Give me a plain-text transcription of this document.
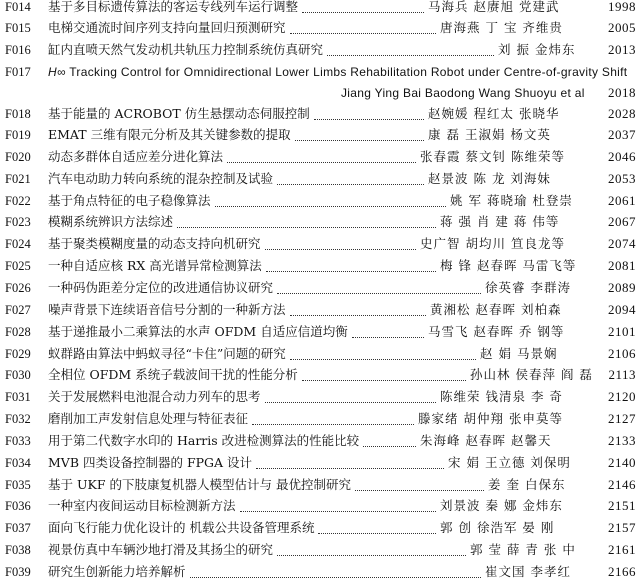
F014 基于多目标遗传算法的客运专线列车运行调整	马海兵 赵赓旭 党建武	1998
F015 电梯交通流时间序列支持向量回归预测研究	唐海燕 丁 宝 齐维贵	2005
F016 缸内直喷天然气发动机共轨压力控制系统仿真研究	刘 振 金炜东	2013
F017 H∞ Tracking Control for Omnidirectional Lower Limbs Rehabilitation Robot under Centre-of-gravity Shift
Jiang Ying Bai Baodong Wang Shuoyu et al 2018
F018 基于能量的 ACROBOT 仿生悬摆动态伺服控制	赵婉媛 程红太 张晓华	2028
F019 EMAT 三维有限元分析及其关键参数的提取	康 磊 王淑娟 杨文英	2037
F020 动态多群体自适应差分进化算法	张春霞 蔡文钊 陈维荣等	2046
F021 汽车电动助力转向系统的混杂控制及试验	赵景波 陈 龙 刘海妹	2053
F022 基于角点特征的电子稳像算法	姚 军 蒋晓瑜 杜登崇	2061
F023 模糊系统辨识方法综述	蒋 强 肖 建 蒋 伟等	2067
F024 基于聚类模糊度量的动态支持向机研究	史广智 胡均川 笪良龙等	2074
F025 一种自适应核 RX 高光谱异常检测算法	梅 锋 赵春晖 马雷飞等 2081
F026 一种码伪距差分定位的改进通信协议研究	徐英睿 李群涛	2089
F027 噪声背景下连续语音信号分割的一种新方法	黄湘松 赵春晖 刘柏森	2094
F028 基于递推最小二乘算法的水声 OFDM 自适应信道均衡	马雪飞 赵春晖 乔 钢等	2101
F029 蚁群路由算法中蚂蚁寻径“卡住”问题的研究	赵 娟 马景娴	2106
F030 全相位 OFDM 系统子载波间干扰的性能分析	孙山林 侯春萍 阎 磊 2113
F031 关于发展燃料电池混合动力列车的思考	陈维荣 钱清泉 李 奇	2120
F032 磨削加工声发射信息处理与特征表征	滕家绪 胡仲翔 张申莫等	2127
F033 用于第二代数字水印的 Harris 改进检测算法的性能比较	朱海峰 赵春晖 赵馨天	2133
F034 MVB 四类设备控制器的 FPGA 设计	宋 娟 王立德 刘保明	2140
F035 基于 UKF 的下肢康复机器人模型估计与 最优控制研究	姜 奎 白保东	2146
F036 一种室内夜间运动目标检测新方法	刘景波 秦 娜 金炜东	2151
F037 面向飞行能力优化设计的 机载公共设备管理系统	郭 创 徐浩军 晏 刚	2157
F038 视景仿真中车辆沙地打滑及其扬尘的研究	郭 莹 薛 青 张 中 2161
F039 研究生创新能力培养解析	崔文国 李孝红	2166
